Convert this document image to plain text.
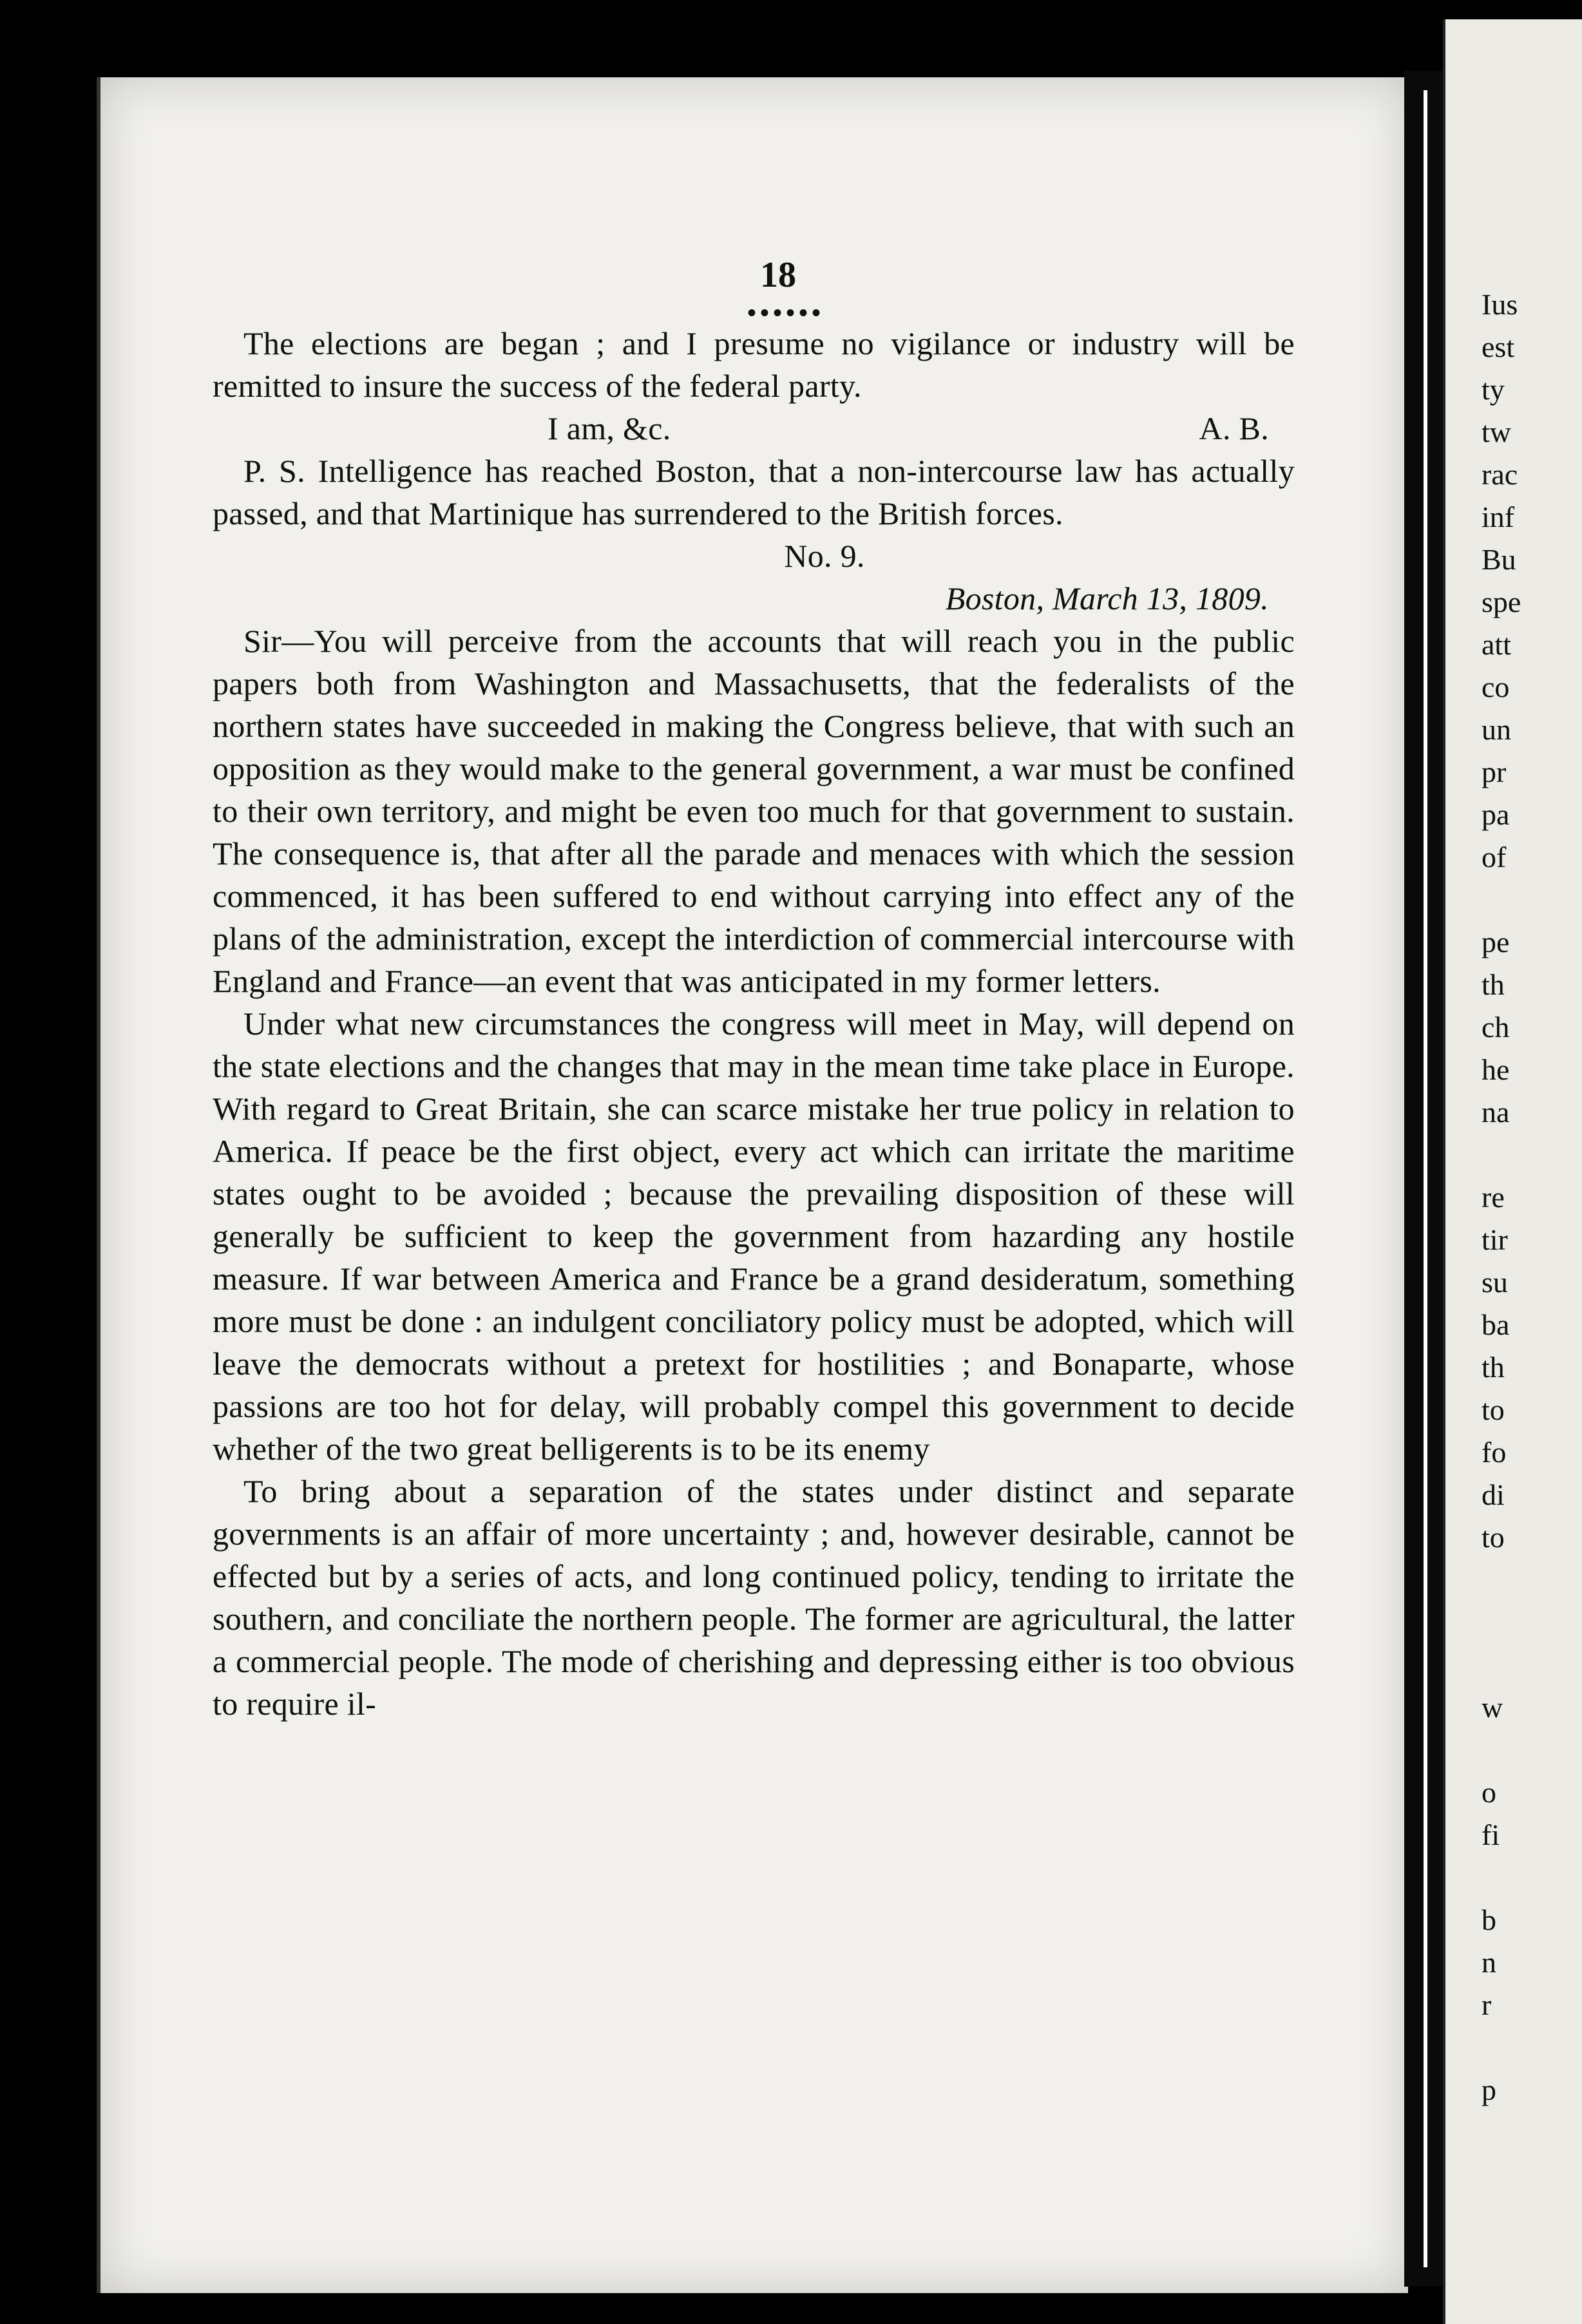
18
••••••

The elections are began ; and I presume no vigilance or industry will be remitted to insure the success of the federal party.

I am, &c.	A. B.

P. S. Intelligence has reached Boston, that a non-intercourse law has actually passed, and that Martinique has surrendered to the British forces.

No. 9.

Boston, March 13, 1809.

Sir—You will perceive from the accounts that will reach you in the public papers both from Washington and Massachusetts, that the federalists of the northern states have succeeded in making the Congress believe, that with such an opposition as they would make to the general government, a war must be confined to their own territory, and might be even too much for that government to sustain. The consequence is, that after all the parade and menaces with which the session commenced, it has been suffered to end without carrying into effect any of the plans of the administration, except the interdiction of commercial intercourse with England and France—an event that was anticipated in my former letters.

Under what new circumstances the congress will meet in May, will depend on the state elections and the changes that may in the mean time take place in Europe. With regard to Great Britain, she can scarce mistake her true policy in relation to America. If peace be the first object, every act which can irritate the maritime states ought to be avoided ; because the prevailing disposition of these will generally be sufficient to keep the government from hazarding any hostile measure. If war between America and France be a grand desideratum, something more must be done : an indulgent conciliatory policy must be adopted, which will leave the democrats without a pretext for hostilities ; and Bonaparte, whose passions are too hot for delay, will probably compel this government to decide whether of the two great belligerents is to be its enemy

To bring about a separation of the states under distinct and separate governments is an affair of more uncertainty ; and, however desirable, cannot be effected but by a series of acts, and long continued policy, tending to irritate the southern, and conciliate the northern people. The former are agricultural, the latter a commercial people. The mode of cherishing and depressing either is too obvious to require il-

Ius
est
ty
tw
rac
inf
Bu
spe
att
co
un
pr
pa
of

pe
th
ch
he
na

re
tir
su
ba
th
to
fo
di
to

w

o
fi

b
n
r

p
